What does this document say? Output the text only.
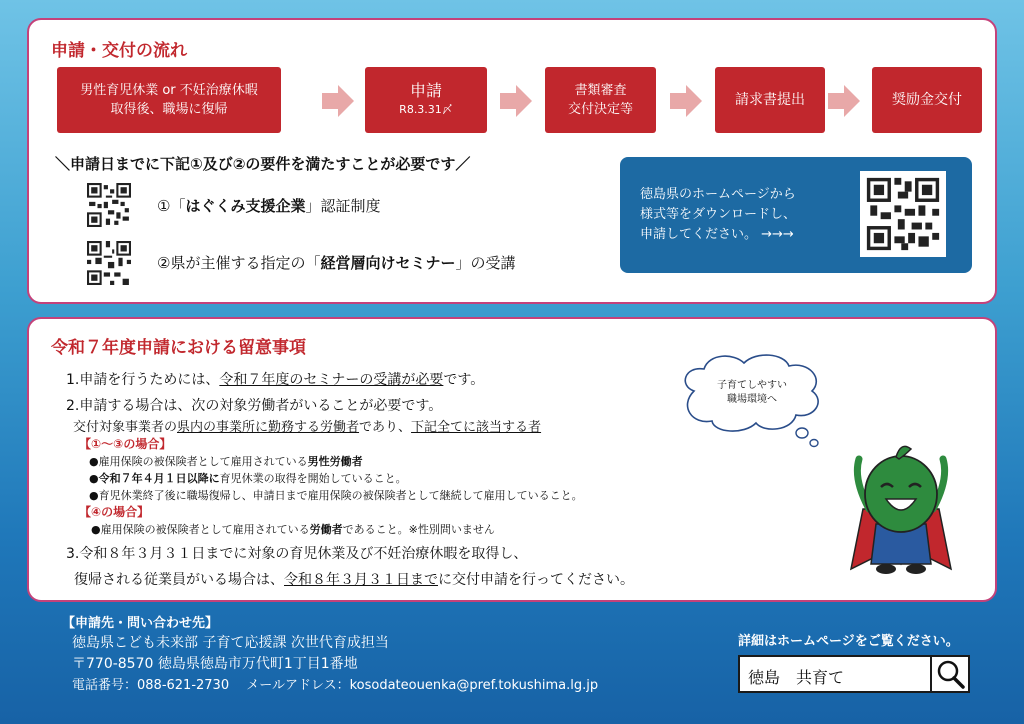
申請・交付の流れ
男性育児休業 or 不妊治療休暇
取得後、職場に復帰
申請
R8.3.31〆
書類審査
交付決定等
請求書提出	奨励金交付
＼申請日までに下記①及び②の要件を満たすことが必要です／
①「はぐくみ支援企業」認証制度
②県が主催する指定の「経営層向けセミナー」の受講
徳島県のホームページから
様式等をダウンロードし、
申請してください。 →→→
令和７年度申請における留意事項
1.申請を行うためには、令和７年度のセミナーの受講が必要です。
2.申請する場合は、次の対象労働者がいることが必要です。
交付対象事業者の県内の事業所に勤務する労働者であり、下記全てに該当する者
【①～③の場合】
●雇用保険の被保険者として雇用されている男性労働者
●令和７年４月１日以降に育児休業の取得を開始していること。
●育児休業終了後に職場復帰し、申請日まで雇用保険の被保険者として継続して雇用していること。
【④の場合】
●雇用保険の被保険者として雇用されている労働者であること。※性別問いません
3.令和８年３月３１日までに対象の育児休業及び不妊治療休暇を取得し、
復帰される従業員がいる場合は、令和８年３月３１日までに交付申請を行ってください。
子育てしやすい
職場環境へ
【申請先・問い合わせ先】
徳島県こども未来部 子育て応援課 次世代育成担当
〒770-8570 徳島県徳島市万代町1丁目1番地
電話番号：088-621-2730　 メールアドレス：kosodateouenka@pref.tokushima.lg.jp
詳細はホームページをご覧ください。
徳島　共育て
